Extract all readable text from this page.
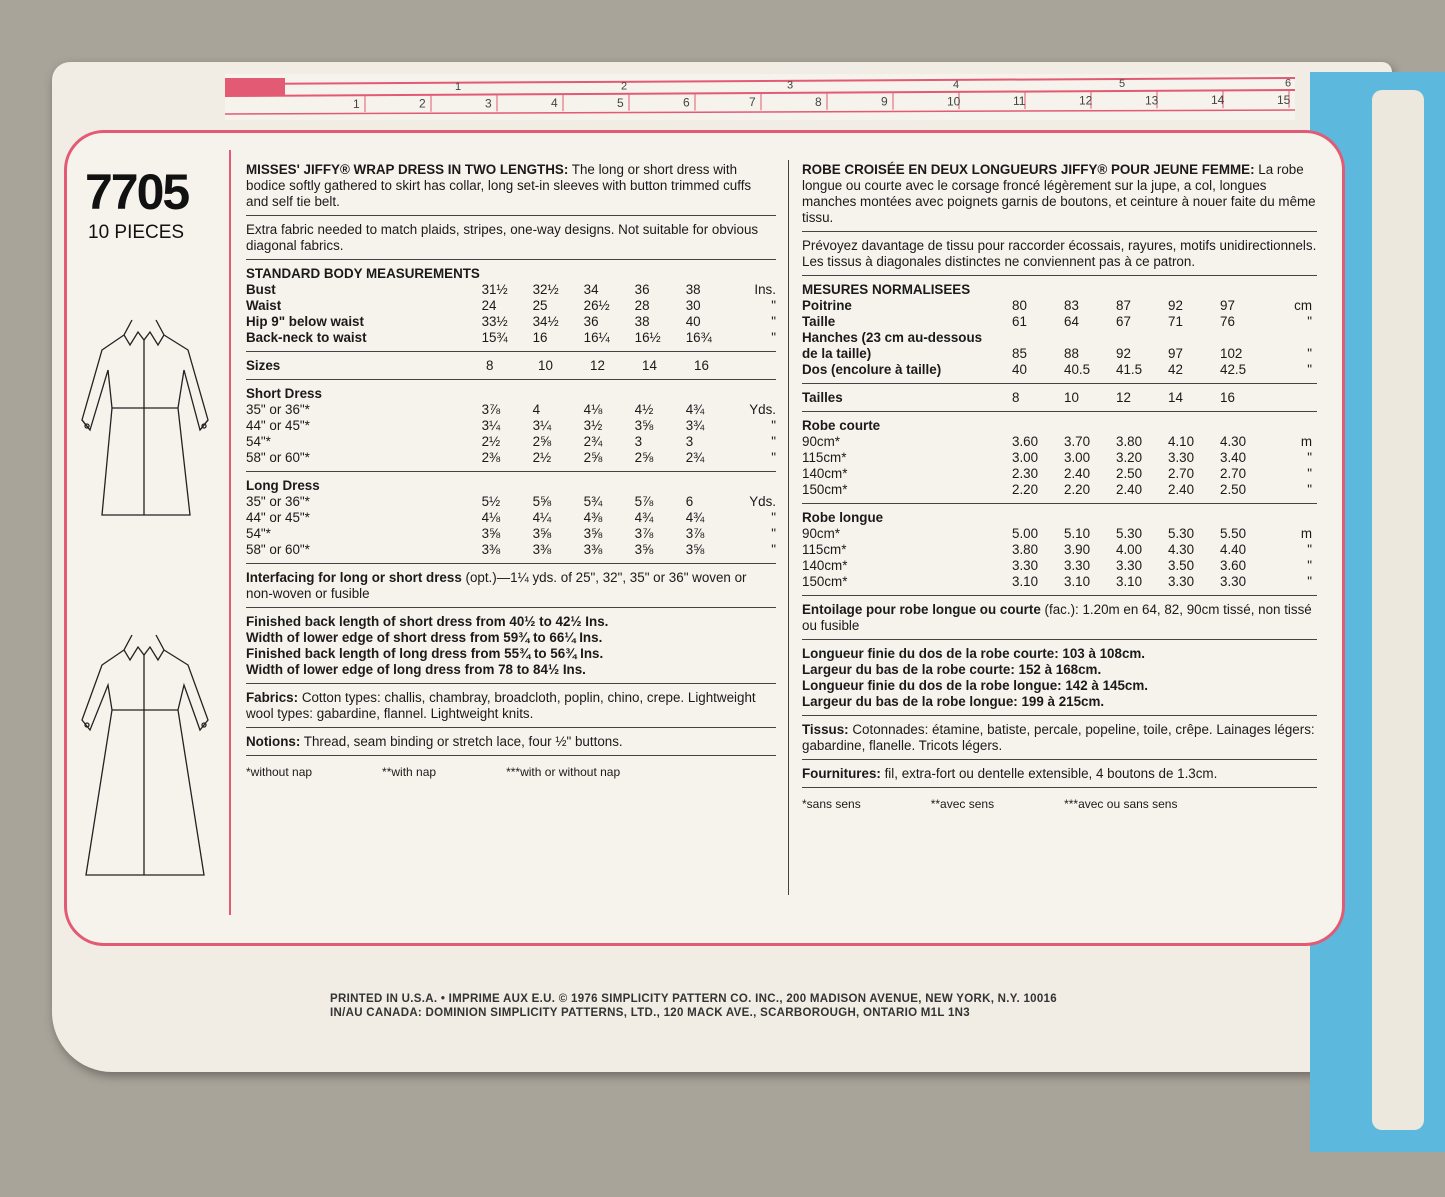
1	2	3	4	5	6	7	8	9	10	11	12	13	14	15
1	2	3	4	5	6
7705
10 PIECES
MISSES' JIFFY® WRAP DRESS IN TWO LENGTHS: The long or short dress with bodice softly gathered to skirt has collar, long set-in sleeves with button trimmed cuffs and self tie belt.
Extra fabric needed to match plaids, stripes, one-way designs. Not suitable for obvious diagonal fabrics.
STANDARD BODY MEASUREMENTS
Bust	31½	32½	34	36	38	Ins.
Waist	24	25	26½	28	30	"
Hip 9" below waist	33½	34½	36	38	40	"
Back-neck to waist	15¾	16	16¼	16½	16¾	"
Sizes	8	10	12	14	16
Short Dress
35" or 36"*	3⅞	4	4⅛	4½	4¾	Yds.
44" or 45"*	3¼	3¼	3½	3⅝	3¾	"
54"*	2½	2⅝	2¾	3	3	"
58" or 60"*	2⅜	2½	2⅝	2⅝	2¾	"
Long Dress
35" or 36"*	5½	5⅝	5¾	5⅞	6	Yds.
44" or 45"*	4⅛	4¼	4⅜	4¾	4¾	"
54"*	3⅝	3⅝	3⅝	3⅞	3⅞	"
58" or 60"*	3⅜	3⅜	3⅜	3⅝	3⅝	"
Interfacing for long or short dress (opt.)—1¼ yds. of 25", 32", 35" or 36" woven or non-woven or fusible
Finished back length of short dress from 40½ to 42½ Ins.
Width of lower edge of short dress from 59¾ to 66¼ Ins.
Finished back length of long dress from 55¾ to 56¾ Ins.
Width of lower edge of long dress from 78 to 84½ Ins.
Fabrics: Cotton types: challis, chambray, broadcloth, poplin, chino, crepe. Lightweight wool types: gabardine, flannel. Lightweight knits.
Notions: Thread, seam binding or stretch lace, four ½" buttons.
*without nap	**with nap	***with or without nap
ROBE CROISÉE EN DEUX LONGUEURS JIFFY® POUR JEUNE FEMME: La robe longue ou courte avec le corsage froncé légèrement sur la jupe, a col, longues manches montées avec poignets garnis de boutons, et ceinture à nouer faite du même tissu.
Prévoyez davantage de tissu pour raccorder écossais, rayures, motifs unidirectionnels. Les tissus à diagonales distinctes ne conviennent pas à ce patron.
MESURES NORMALISEES
Poitrine	80	83	87	92	97	cm
Taille	61	64	67	71	76	"
Hanches (23 cm au-dessous
de la taille)	85	88	92	97	102	"
Dos (encolure à taille)	40	40.5	41.5	42	42.5	"
Tailles	8	10	12	14	16
Robe courte
90cm*	3.60	3.70	3.80	4.10	4.30	m
115cm*	3.00	3.00	3.20	3.30	3.40	"
140cm*	2.30	2.40	2.50	2.70	2.70	"
150cm*	2.20	2.20	2.40	2.40	2.50	"
Robe longue
90cm*	5.00	5.10	5.30	5.30	5.50	m
115cm*	3.80	3.90	4.00	4.30	4.40	"
140cm*	3.30	3.30	3.30	3.50	3.60	"
150cm*	3.10	3.10	3.10	3.30	3.30	"
Entoilage pour robe longue ou courte (fac.): 1.20m en 64, 82, 90cm tissé, non tissé ou fusible
Longueur finie du dos de la robe courte: 103 à 108cm.
Largeur du bas de la robe courte: 152 à 168cm.
Longueur finie du dos de la robe longue: 142 à 145cm.
Largeur du bas de la robe longue: 199 à 215cm.
Tissus: Cotonnades: étamine, batiste, percale, popeline, toile, crêpe. Lainages légers: gabardine, flanelle. Tricots légers.
Fournitures: fil, extra-fort ou dentelle extensible, 4 boutons de 1.3cm.
*sans sens	**avec sens	***avec ou sans sens
PRINTED IN U.S.A. • IMPRIME AUX E.U. © 1976 SIMPLICITY PATTERN CO. INC., 200 MADISON AVENUE, NEW YORK, N.Y. 10016
IN/AU CANADA: DOMINION SIMPLICITY PATTERNS, LTD., 120 MACK AVE., SCARBOROUGH, ONTARIO M1L 1N3
